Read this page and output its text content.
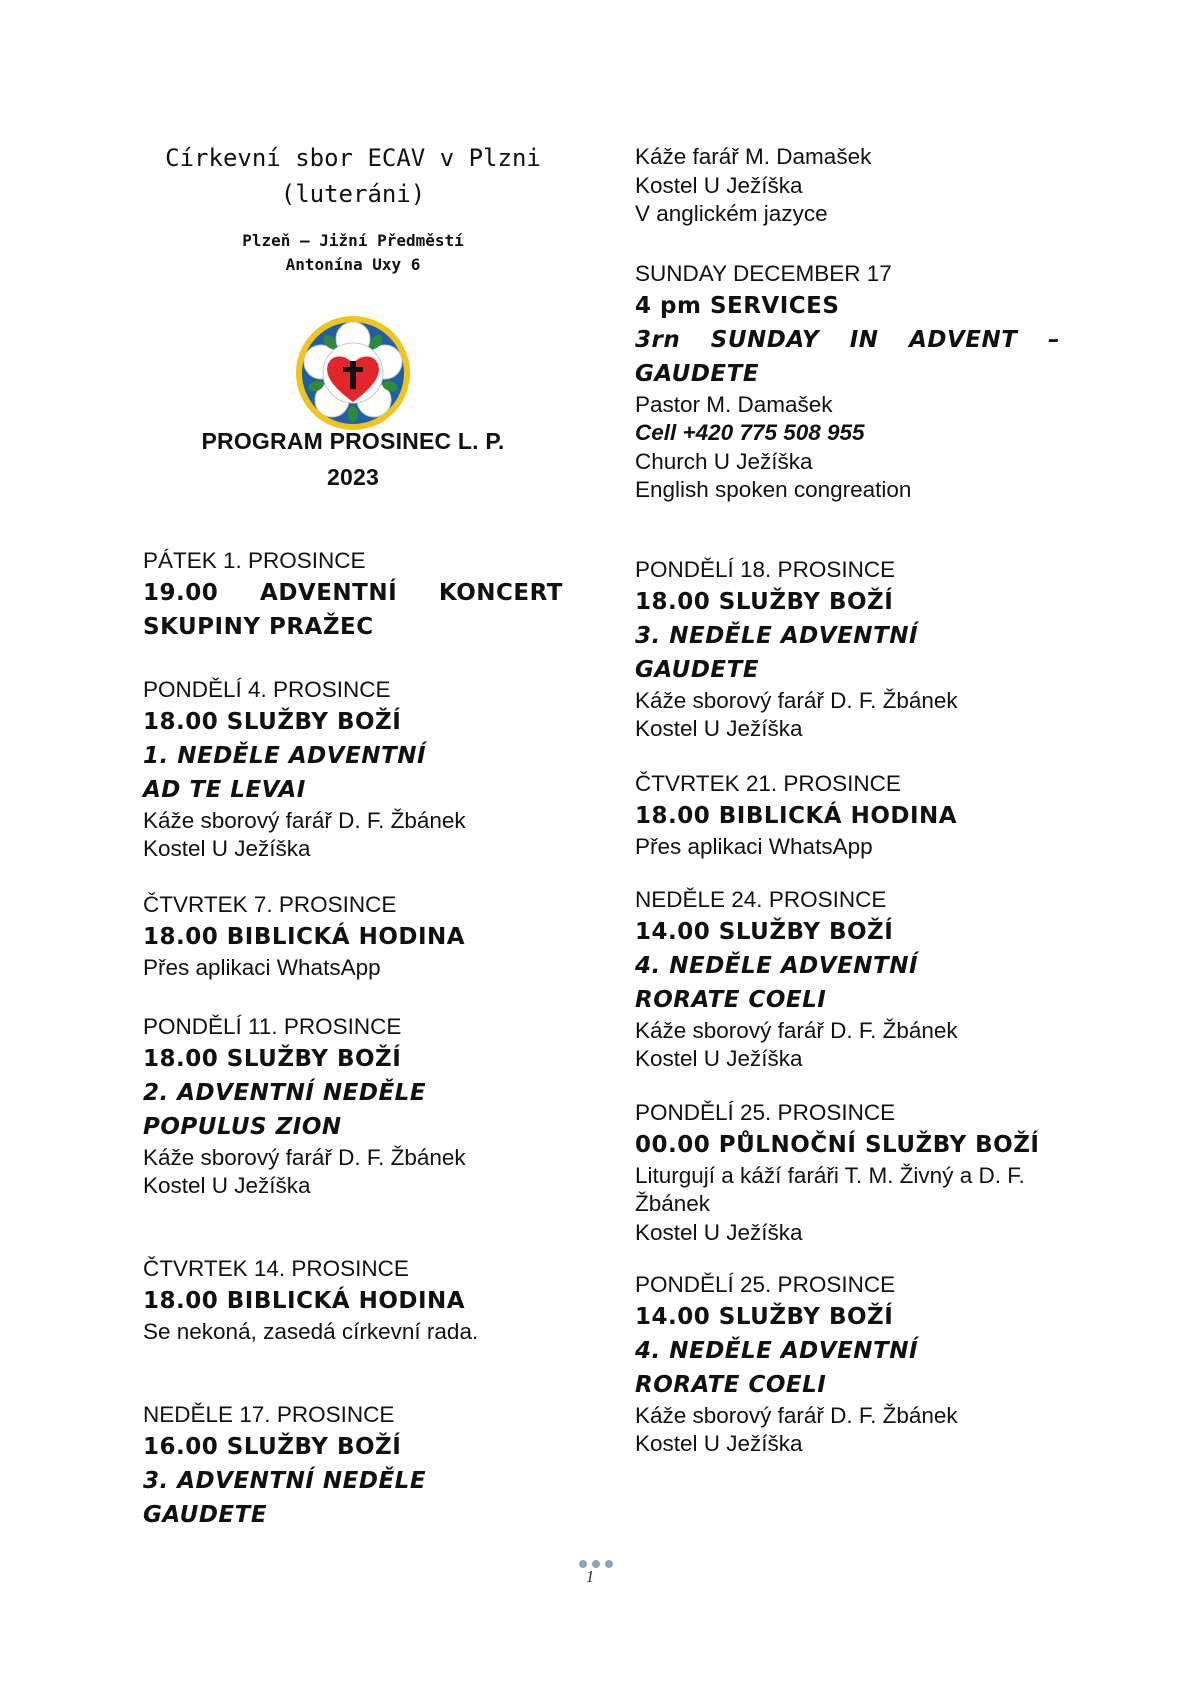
Církevní sbor ECAV v Plzni
(luteráni)
Plzeň – Jižní Předměstí
Antonína Uxy 6
PROGRAM PROSINEC L. P.
2023
PÁTEK 1. PROSINCE
19.00 ADVENTNÍ KONCERT
SKUPINY PRAŽEC
PONDĚLÍ 4. PROSINCE
18.00 SLUŽBY BOŽÍ
1. NEDĚLE ADVENTNÍ
AD TE LEVAI
Káže sborový farář D. F. Žbánek
Kostel U Ježíška
ČTVRTEK 7. PROSINCE
18.00 BIBLICKÁ HODINA
Přes aplikaci WhatsApp
PONDĚLÍ 11. PROSINCE
18.00 SLUŽBY BOŽÍ
2. ADVENTNÍ NEDĚLE
POPULUS ZION
Káže sborový farář D. F. Žbánek
Kostel U Ježíška
ČTVRTEK 14. PROSINCE
18.00 BIBLICKÁ HODINA
Se nekoná, zasedá církevní rada.
NEDĚLE 17. PROSINCE
16.00 SLUŽBY BOŽÍ
3. ADVENTNÍ NEDĚLE
GAUDETE
Káže farář M. Damašek
Kostel U Ježíška
V anglickém jazyce
SUNDAY DECEMBER 17
4 pm SERVICES
3rn SUNDAY IN ADVENT –
GAUDETE
Pastor M. Damašek
Cell +420 775 508 955
Church U Ježíška
English spoken congreation
PONDĚLÍ 18. PROSINCE
18.00 SLUŽBY BOŽÍ
3. NEDĚLE ADVENTNÍ
GAUDETE
Káže sborový farář D. F. Žbánek
Kostel U Ježíška
ČTVRTEK 21. PROSINCE
18.00 BIBLICKÁ HODINA
Přes aplikaci WhatsApp
NEDĚLE 24. PROSINCE
14.00 SLUŽBY BOŽÍ
4. NEDĚLE ADVENTNÍ
RORATE COELI
Káže sborový farář D. F. Žbánek
Kostel U Ježíška
PONDĚLÍ 25. PROSINCE
00.00 PŮLNOČNÍ SLUŽBY BOŽÍ
Liturgují a káží faráři T. M. Živný a D. F. Žbánek
Kostel U Ježíška
PONDĚLÍ 25. PROSINCE
14.00 SLUŽBY BOŽÍ
4. NEDĚLE ADVENTNÍ
RORATE COELI
Káže sborový farář D. F. Žbánek
Kostel U Ježíška
1
